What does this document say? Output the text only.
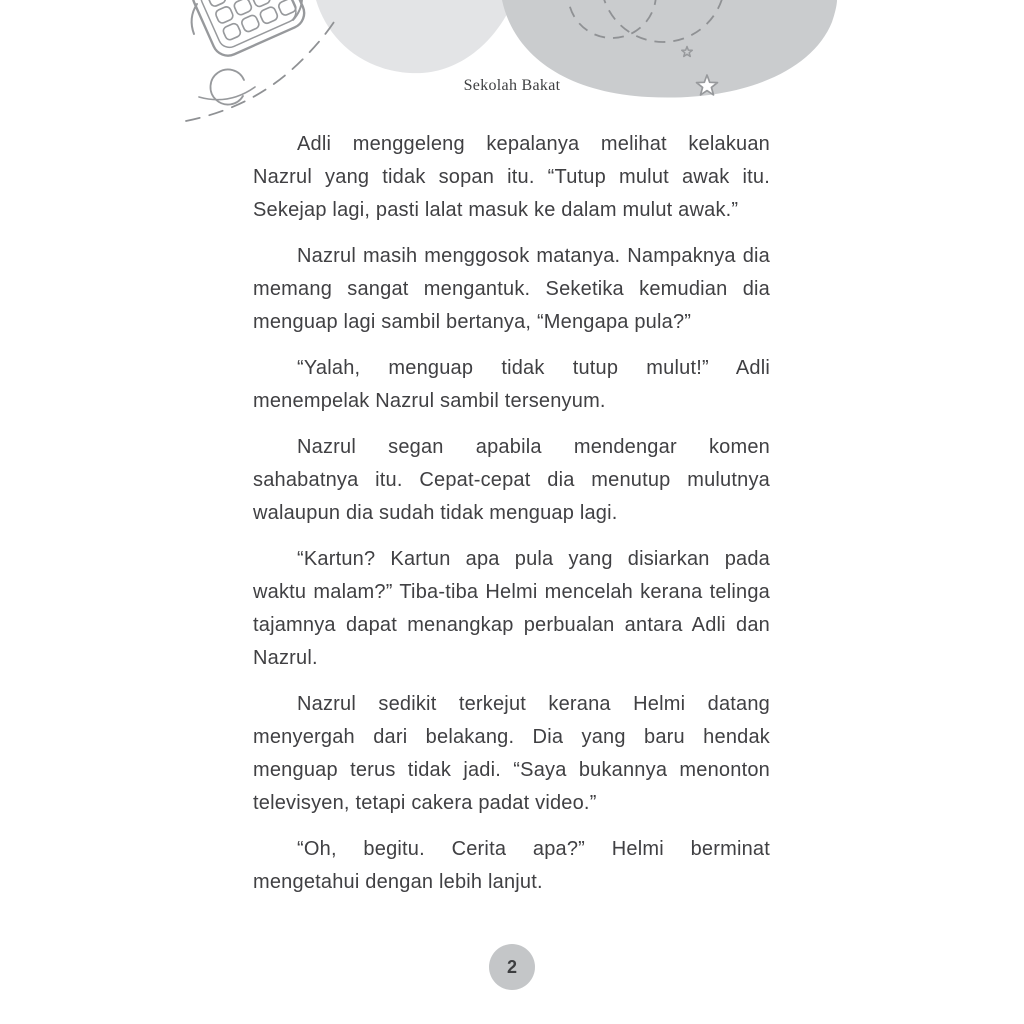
Sekolah Bakat

Adli menggeleng kepalanya melihat kelakuan Nazrul yang tidak sopan itu. “Tutup mulut awak itu. Sekejap lagi, pasti lalat masuk ke dalam mulut awak.”

Nazrul masih menggosok matanya. Nampaknya dia memang sangat mengantuk. Seketika kemudian dia menguap lagi sambil bertanya, “Mengapa pula?”

“Yalah, menguap tidak tutup mulut!” Adli menempelak Nazrul sambil tersenyum.

Nazrul segan apabila mendengar komen sahabatnya itu. Cepat-cepat dia menutup mulutnya walaupun dia sudah tidak menguap lagi.

“Kartun? Kartun apa pula yang disiarkan pada waktu malam?” Tiba-tiba Helmi mencelah kerana telinga tajamnya dapat menangkap perbualan antara Adli dan Nazrul.

Nazrul sedikit terkejut kerana Helmi datang menyergah dari belakang. Dia yang baru hendak menguap terus tidak jadi. “Saya bukannya menonton televisyen, tetapi cakera padat video.”

“Oh, begitu. Cerita apa?” Helmi berminat mengetahui dengan lebih lanjut.

2
